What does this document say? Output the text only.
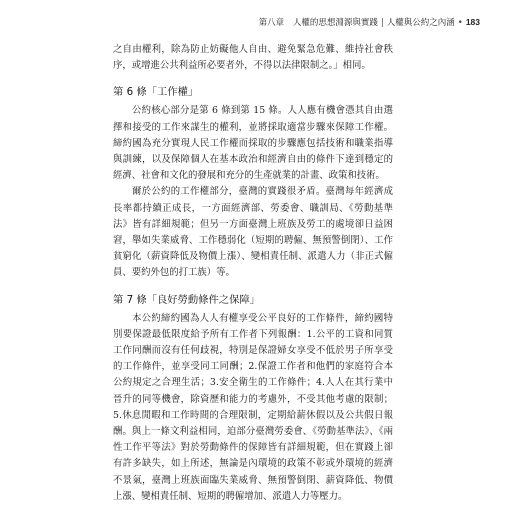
第八章 人權的思想淵源與實踐 | 人權與公約之內涵 • 183

之自由權利，除為防止妨礙他人自由、避免緊急危難、維持社會秩序，或增進公共利益所必要者外，不得以法律限制之。」相同。

第 6 條「工作權」

公約核心部分是第 6 條到第 15 條。人人應有機會憑其自由選擇和接受的工作來謀生的權利，並將採取適當步驟來保障工作權。締約國為充分實現人民工作權而採取的步驟應包括技術和職業指導與訓練，以及保障個人在基本政治和經濟自由的條件下達到穩定的經濟、社會和文化的發展和充分的生產就業的計畫、政策和技術。

爾於公約的工作權部分，臺灣的實踐很矛盾。臺灣每年經濟成長率都持續正成長，一方面經濟部、勞委會、職訓局、《勞動基準法》皆有詳細規範；但另一方面臺灣上班族及勞工的處境卻日益困窘，舉如失業威脅、工作穩弱化（短期的聘僱、無預警倒閉）、工作貧窮化（薪資降低及物價上漲）、變相責任制、派遣人力（非正式僱員、要約外包的打工族）等。

第 7 條「良好勞動條件之保障」

本公約締約國為人人有權享受公平良好的工作條件，締約國特別要保證最低限度給予所有工作者下列報酬：1.公平的工資和同質工作同酬而沒有任何歧視，特別是保證婦女享受不低於男子所享受的工作條件，並享受同工同酬；2.保證工作者和他們的家庭符合本公約規定之合理生活；3.安全衛生的工作條件；4.人人在其行業中晉升的同等機會，除資歷和能力的考慮外，不受其他考慮的限制；5.休息閒暇和工作時間的合理限制，定期給薪休假以及公共假日報酬。與上一條文利益相同，迫部分臺灣勞委會、《勞動基準法》、《兩性工作平等法》對於勞動條件的保障皆有詳細規範，但在實踐上卻有許多缺失，如上所述，無論是內環境的政策不彰或外環境的經濟不景氣，臺灣上班族面臨失業威脅、無預警倒閉、薪資降低、物價上漲、變相責任制、短期的聘僱增加、派遣人力等壓力。
